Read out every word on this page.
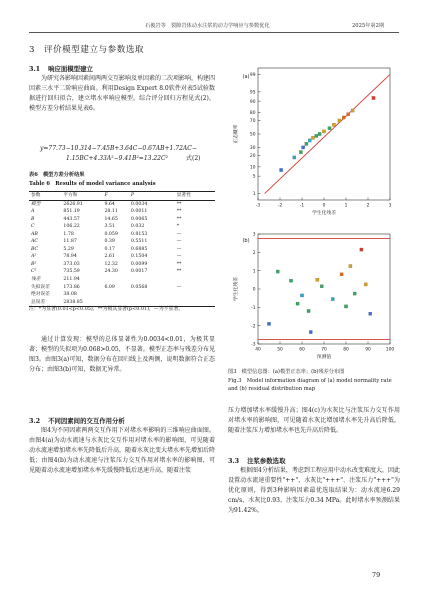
石俊岩等　裂隙岩体动水注浆的动力学响应与参数优化	2025年第2期
3 评价模型建立与参数选取
3.1 响应面模型建立

为研究各影响因素间两两交互影响及单因素的二次项影响，构建四因素三水平二阶响应曲面。利用Design Expert 8.0软件对表5试验数据进行回归拟合，建立堵水率响应模型。综合评分回归方程见式(2)，模型方差分析结果见表6。

y=77.73−10.314−7.45B+3.64C−0.67AB+1.72AC−
1.15BC+4.33A²−9.41B²=13.22C²	式(2)
表6　模型方差分析结果
Table 6　Results of model variance analysis
参数	平方和	F	P	显著性
模型	2626.91	9.64	0.0034	**
A	851.19	28.11	0.0011	**
B	443.57	14.65	0.0065	**
C	106.22	3.51	0.032	*
AB	1.78	0.059	0.8153	—
AC	11.87	0.39	0.5511	—
BC	5.29	0.17	0.6885	—
A²	78.94	2.61	0.1504	—
B²	373.03	12.32	0.0099	**
C²	735.59	24.30	0.0017	**
残差	211.94			
失拟误差	173.86	6.09	0.0568	—
绝对误差	38.08			
总误差	2838.85			
注：*为显著(0.01<p<0.05)，**为极其显著(p<0.01)，—为不显著。

通过计算发现：模型的总体显著性为0.0034<0.01，为极其显著；模型的失拟项为0.068>0.05，不显著。模型正态率与残差分布见图3。由图3(a)可知，数据分布在回归线上及两侧，说明数据符合正态分布；由图3(b)可知，数据无异常。

3.2 不同因素间的交互作用分析

图4为不同因素两两交互作用下对堵水率影响的三维响应曲面图。由图4(a)为动水流速与水灰比交互作用对堵水率的影响图，可见随着动水流速增加堵水率先降低后升高，随着水灰比变大堵水率先增加后降低；由图4(b)为动水流速与注浆压力交互作用对堵水率的影响图，可见随着动水流速增加堵水率先缓慢降低后迅速升高，随着注浆

1
5
10
20
30
50
70
80
90
95
99
-3	-2	-1	0	1	2	3
(a)
学生化残差
正态概率
-3
-2
-1
0
1
2
3
40	50	60	70	80	90	100
(b)
预测值
学生化残差
图3　模型信息图：(a)模型正态率；(b)残差分布图
Fig.3　Model information diagram of (a) model normality rate and (b) residual distribution map

压力增加堵水率缓慢升高；图4(c)为水灰比与注浆压力交互作用对堵水率的影响图，可见随着水灰比增加堵水率先升高后降低，随着注浆压力增加堵水率也先升高后降低。

3.3 注浆参数选取

根据图4分析结果，考虑到工程应用中动水改变难度大，因此设置动水流速重要性"++"、水灰比"+++"、注浆压力"+++"为优化原则，得到3种影响因素最优选取结果为：动水流速6.29 cm/s、水灰比0.93、注浆压力0.34 MPa。此时堵水率预测结果为91.42%。

79
